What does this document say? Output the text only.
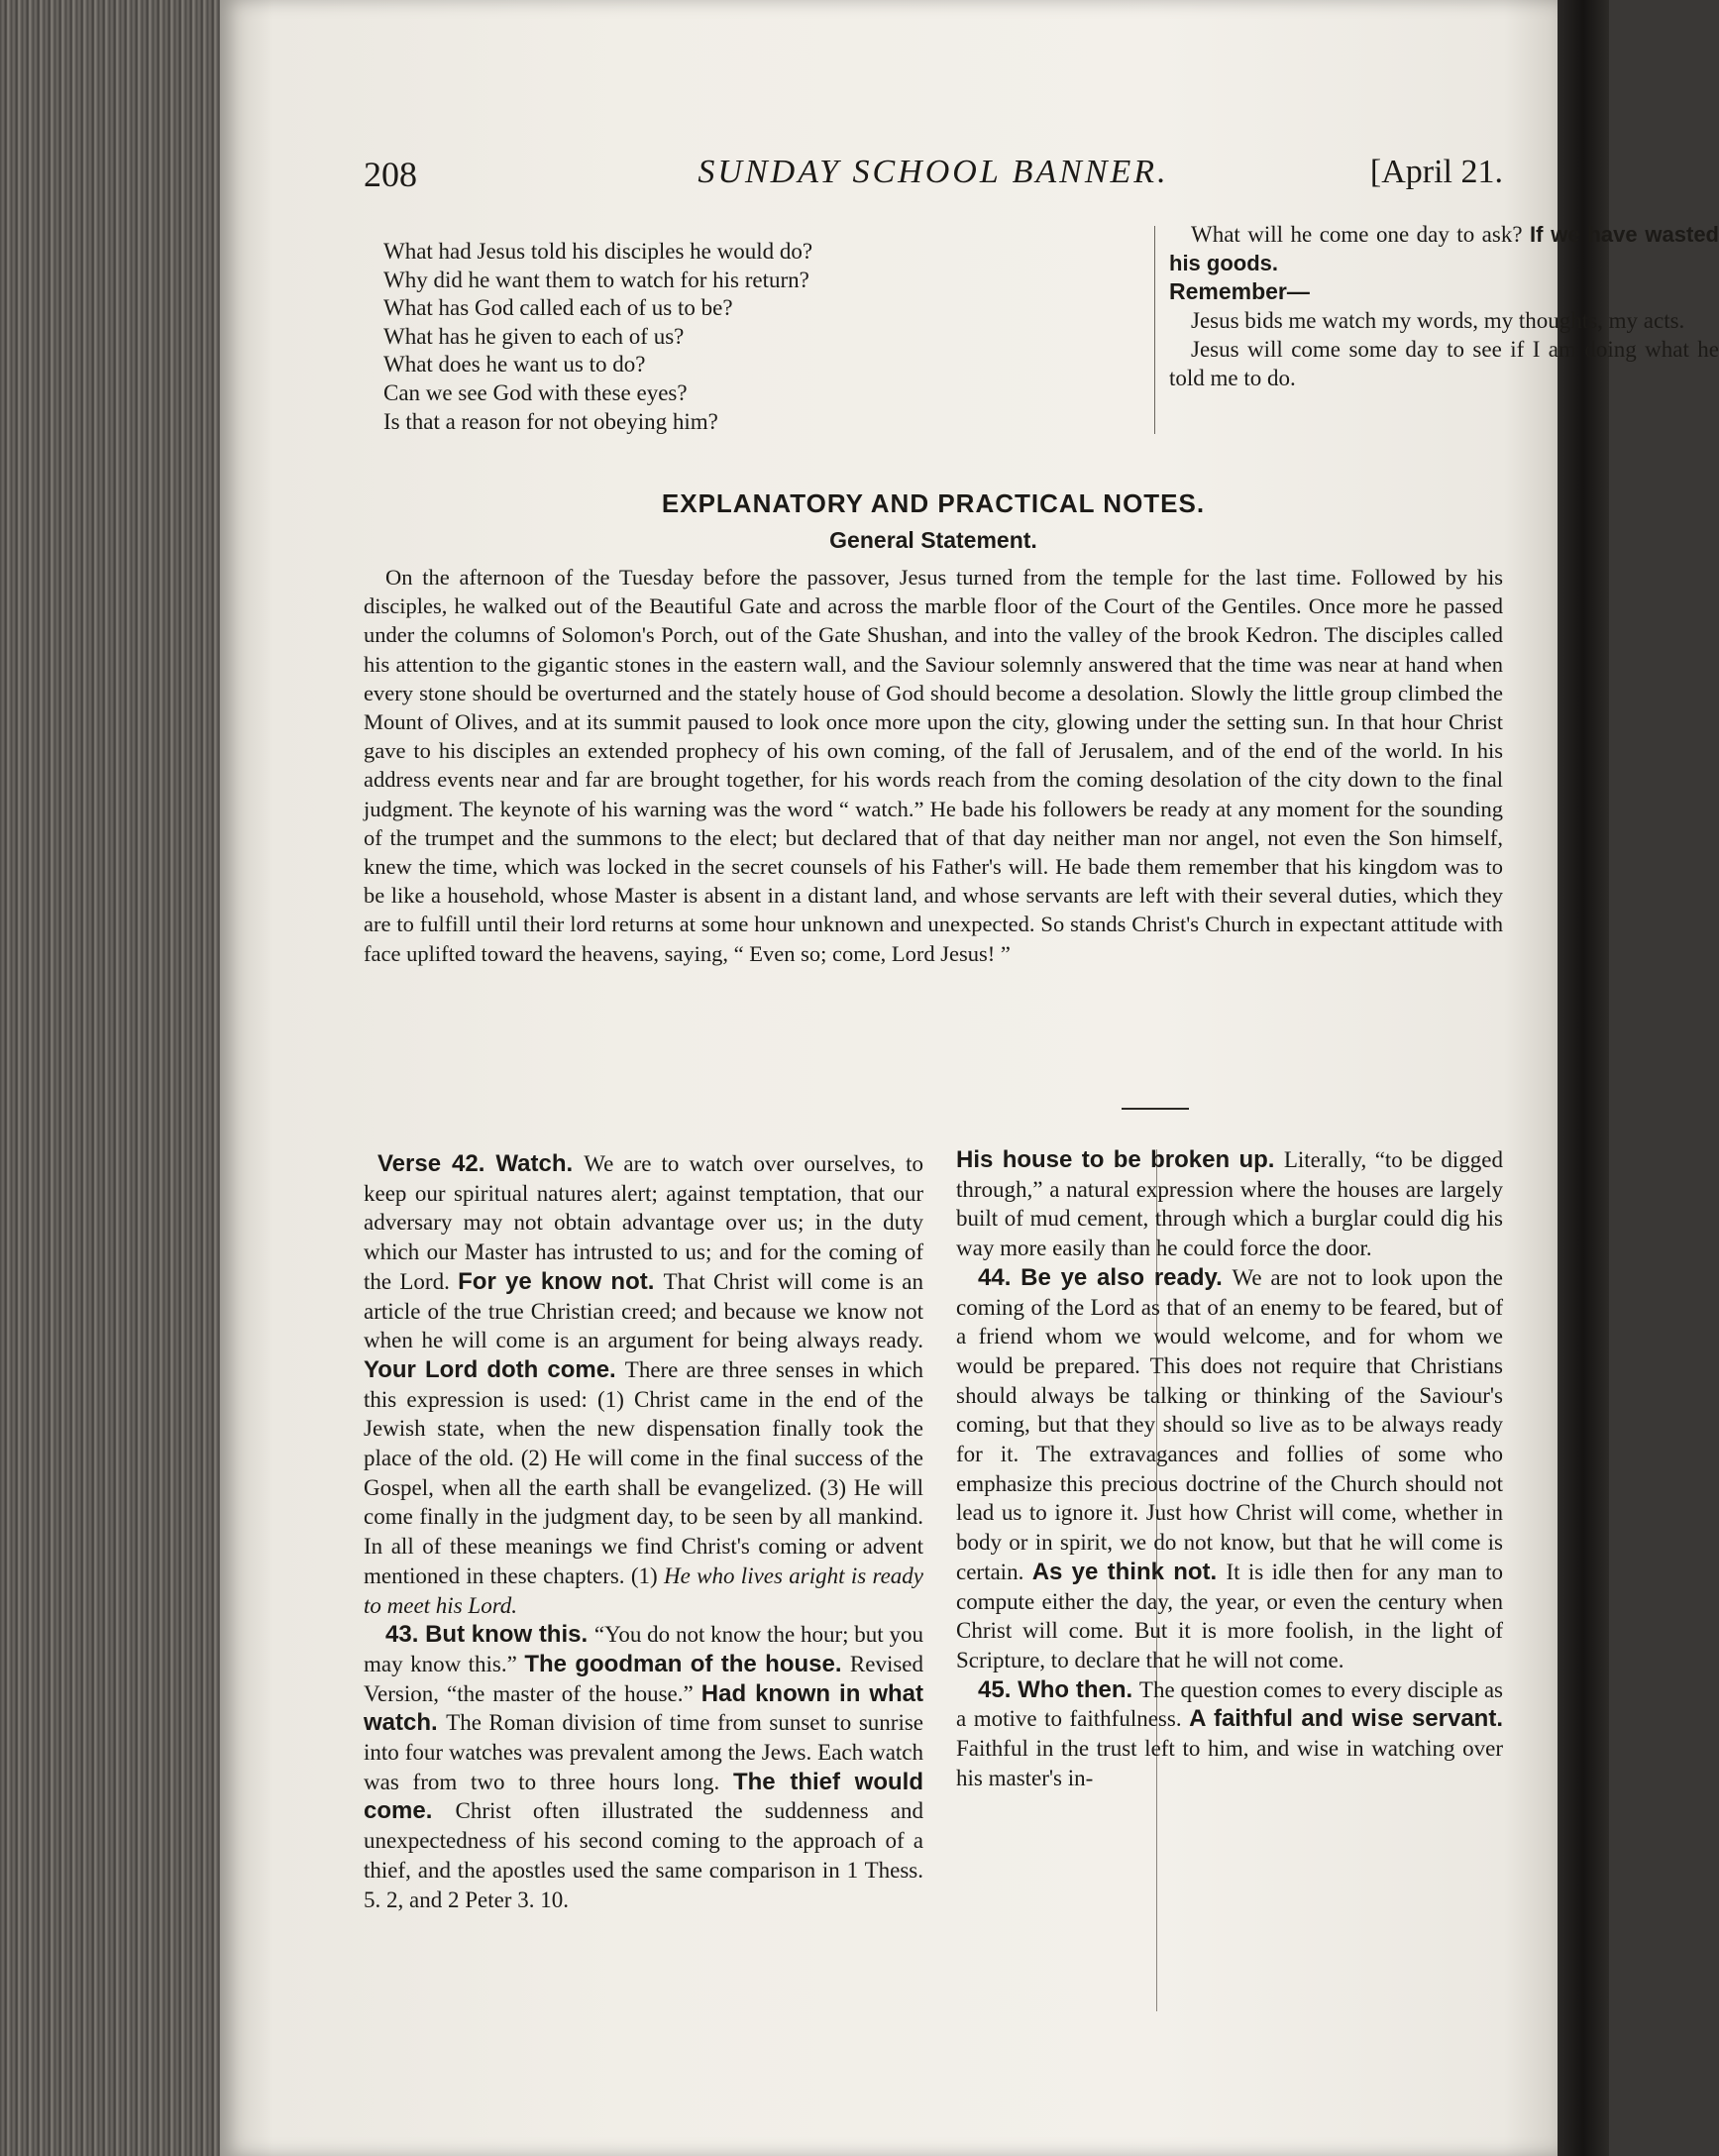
208	SUNDAY SCHOOL BANNER.	[April 21.
What had Jesus told his disciples he would do?
Why did he want them to watch for his return?
What has God called each of us to be?
What has he given to each of us?
What does he want us to do?
Can we see God with these eyes?
Is that a reason for not obeying him?

What will he come one day to ask? If we have wasted his goods.

Remember—

Jesus bids me watch my words, my thoughts, my acts.

Jesus will come some day to see if I am doing what he told me to do.

EXPLANATORY AND PRACTICAL NOTES.
General Statement.

On the afternoon of the Tuesday before the passover, Jesus turned from the temple for the last time. Followed by his disciples, he walked out of the Beautiful Gate and across the marble floor of the Court of the Gentiles. Once more he passed under the columns of Solomon's Porch, out of the Gate Shushan, and into the valley of the brook Kedron. The disciples called his attention to the gigantic stones in the eastern wall, and the Saviour solemnly answered that the time was near at hand when every stone should be overturned and the stately house of God should become a desolation. Slowly the little group climbed the Mount of Olives, and at its summit paused to look once more upon the city, glowing under the setting sun. In that hour Christ gave to his disciples an extended prophecy of his own coming, of the fall of Jerusalem, and of the end of the world. In his address events near and far are brought together, for his words reach from the coming desolation of the city down to the final judgment. The keynote of his warning was the word “ watch.” He bade his followers be ready at any moment for the sounding of the trumpet and the summons to the elect; but declared that of that day neither man nor angel, not even the Son himself, knew the time, which was locked in the secret counsels of his Father's will. He bade them remember that his kingdom was to be like a household, whose Master is absent in a distant land, and whose servants are left with their several duties, which they are to fulfill until their lord returns at some hour unknown and unexpected. So stands Christ's Church in expectant attitude with face uplifted toward the heavens, saying, “ Even so; come, Lord Jesus! ”

Verse 42. Watch. We are to watch over ourselves, to keep our spiritual natures alert; against temptation, that our adversary may not obtain advantage over us; in the duty which our Master has intrusted to us; and for the coming of the Lord. For ye know not. That Christ will come is an article of the true Christian creed; and because we know not when he will come is an argument for being always ready. Your Lord doth come. There are three senses in which this expression is used: (1) Christ came in the end of the Jewish state, when the new dispensation finally took the place of the old. (2) He will come in the final success of the Gospel, when all the earth shall be evangelized. (3) He will come finally in the judgment day, to be seen by all mankind. In all of these meanings we find Christ's coming or advent mentioned in these chapters. (1) He who lives aright is ready to meet his Lord.

43. But know this. “You do not know the hour; but you may know this.” The goodman of the house. Revised Version, “the master of the house.” Had known in what watch. The Roman division of time from sunset to sunrise into four watches was prevalent among the Jews. Each watch was from two to three hours long. The thief would come. Christ often illustrated the suddenness and unexpectedness of his second coming to the approach of a thief, and the apostles used the same comparison in 1 Thess. 5. 2, and 2 Peter 3. 10.

His house to be broken up. Literally, “to be digged through,” a natural expression where the houses are largely built of mud cement, through which a burglar could dig his way more easily than he could force the door.

44. Be ye also ready. We are not to look upon the coming of the Lord as that of an enemy to be feared, but of a friend whom we would welcome, and for whom we would be prepared. This does not require that Christians should always be talking or thinking of the Saviour's coming, but that they should so live as to be always ready for it. The extravagances and follies of some who emphasize this precious doctrine of the Church should not lead us to ignore it. Just how Christ will come, whether in body or in spirit, we do not know, but that he will come is certain. As ye think not. It is idle then for any man to compute either the day, the year, or even the century when Christ will come. But it is more foolish, in the light of Scripture, to declare that he will not come.

45. Who then. The question comes to every disciple as a motive to faithfulness. A faithful and wise servant. Faithful in the trust left to him, and wise in watching over his master's in-
